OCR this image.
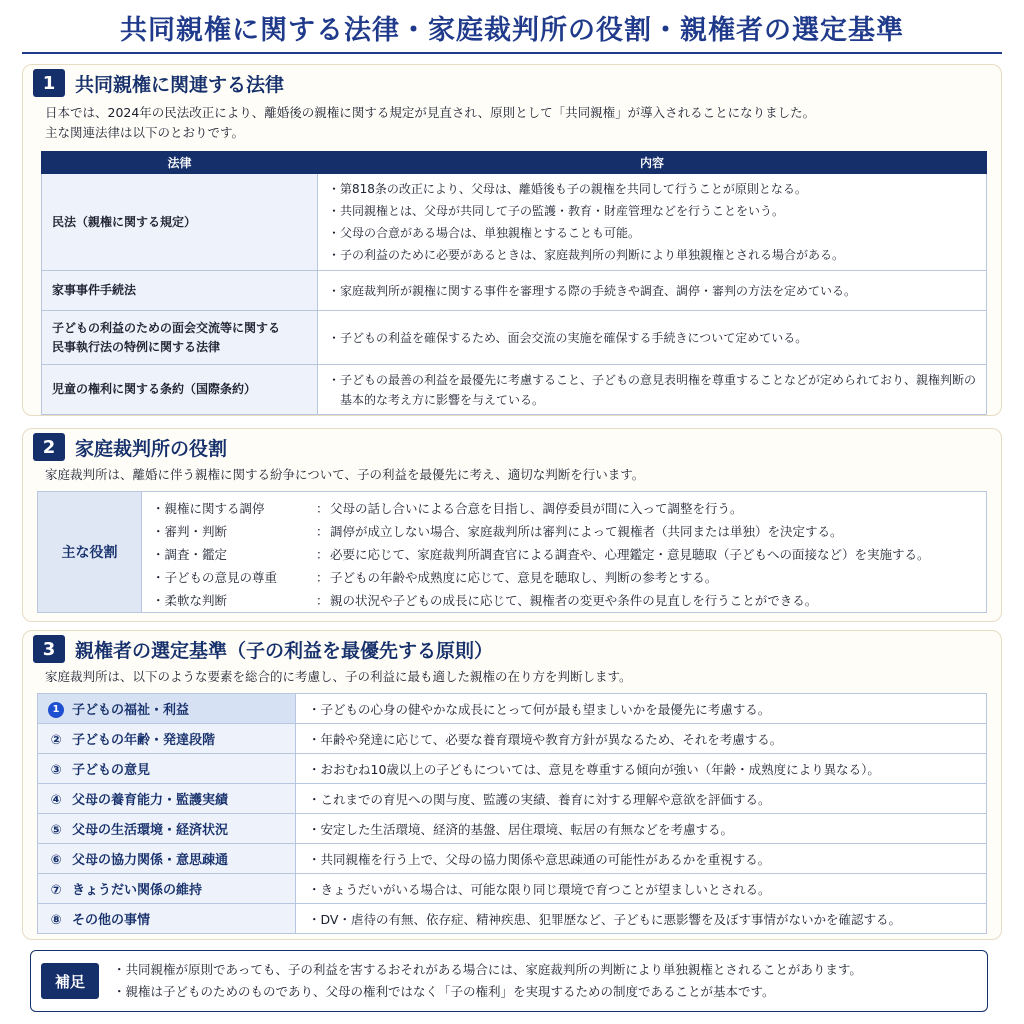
共同親権に関する法律・家庭裁判所の役割・親権者の選定基準
1	共同親権に関連する法律
日本では、2024年の民法改正により、離婚後の親権に関する規定が見直され、原則として「共同親権」が導入されることになりました。
主な関連法律は以下のとおりです。
法律	内容
民法（親権に関する規定）	・第818条の改正により、父母は、離婚後も子の親権を共同して行うことが原則となる。
・共同親権とは、父母が共同して子の監護・教育・財産管理などを行うことをいう。
・父母の合意がある場合は、単独親権とすることも可能。
・子の利益のために必要があるときは、家庭裁判所の判断により単独親権とされる場合がある。

家事事件手続法	・家庭裁判所が親権に関する事件を審理する際の手続きや調査、調停・審判の方法を定めている。

子どもの利益のための面会交流等に関する
民事執行法の特例に関する法律	・子どもの利益を確保するため、面会交流の実施を確保する手続きについて定めている。

児童の権利に関する条約（国際条約）	・子どもの最善の利益を最優先に考慮すること、子どもの意見表明権を尊重することなどが定められており、親権判断の基本的な考え方に影響を与えている。
2	家庭裁判所の役割
家庭裁判所は、離婚に伴う親権に関する紛争について、子の利益を最優先に考え、適切な判断を行います。
主な役割
・親権に関する調停	： 父母の話し合いによる合意を目指し、調停委員が間に入って調整を行う。
・審判・判断	： 調停が成立しない場合、家庭裁判所は審判によって親権者（共同または単独）を決定する。
・調査・鑑定	： 必要に応じて、家庭裁判所調査官による調査や、心理鑑定・意見聴取（子どもへの面接など）を実施する。
・子どもの意見の尊重	： 子どもの年齢や成熟度に応じて、意見を聴取し、判断の参考とする。
・柔軟な判断	： 親の状況や子どもの成長に応じて、親権者の変更や条件の見直しを行うことができる。
3	親権者の選定基準（子の利益を最優先する原則）
家庭裁判所は、以下のような要素を総合的に考慮し、子の利益に最も適した親権の在り方を判断します。
1 子どもの福祉・利益	・子どもの心身の健やかな成長にとって何が最も望ましいかを最優先に考慮する。
② 子どもの年齢・発達段階	・年齢や発達に応じて、必要な養育環境や教育方針が異なるため、それを考慮する。
③ 子どもの意見	・おおむね10歳以上の子どもについては、意見を尊重する傾向が強い（年齢・成熟度により異なる）。
④ 父母の養育能力・監護実績	・これまでの育児への関与度、監護の実績、養育に対する理解や意欲を評価する。
⑤ 父母の生活環境・経済状況	・安定した生活環境、経済的基盤、居住環境、転居の有無などを考慮する。
⑥ 父母の協力関係・意思疎通	・共同親権を行う上で、父母の協力関係や意思疎通の可能性があるかを重視する。
⑦ きょうだい関係の維持	・きょうだいがいる場合は、可能な限り同じ環境で育つことが望ましいとされる。
⑧ その他の事情	・DV・虐待の有無、依存症、精神疾患、犯罪歴など、子どもに悪影響を及ぼす事情がないかを確認する。
補足
・共同親権が原則であっても、子の利益を害するおそれがある場合には、家庭裁判所の判断により単独親権とされることがあります。
・親権は子どものためのものであり、父母の権利ではなく「子の権利」を実現するための制度であることが基本です。
